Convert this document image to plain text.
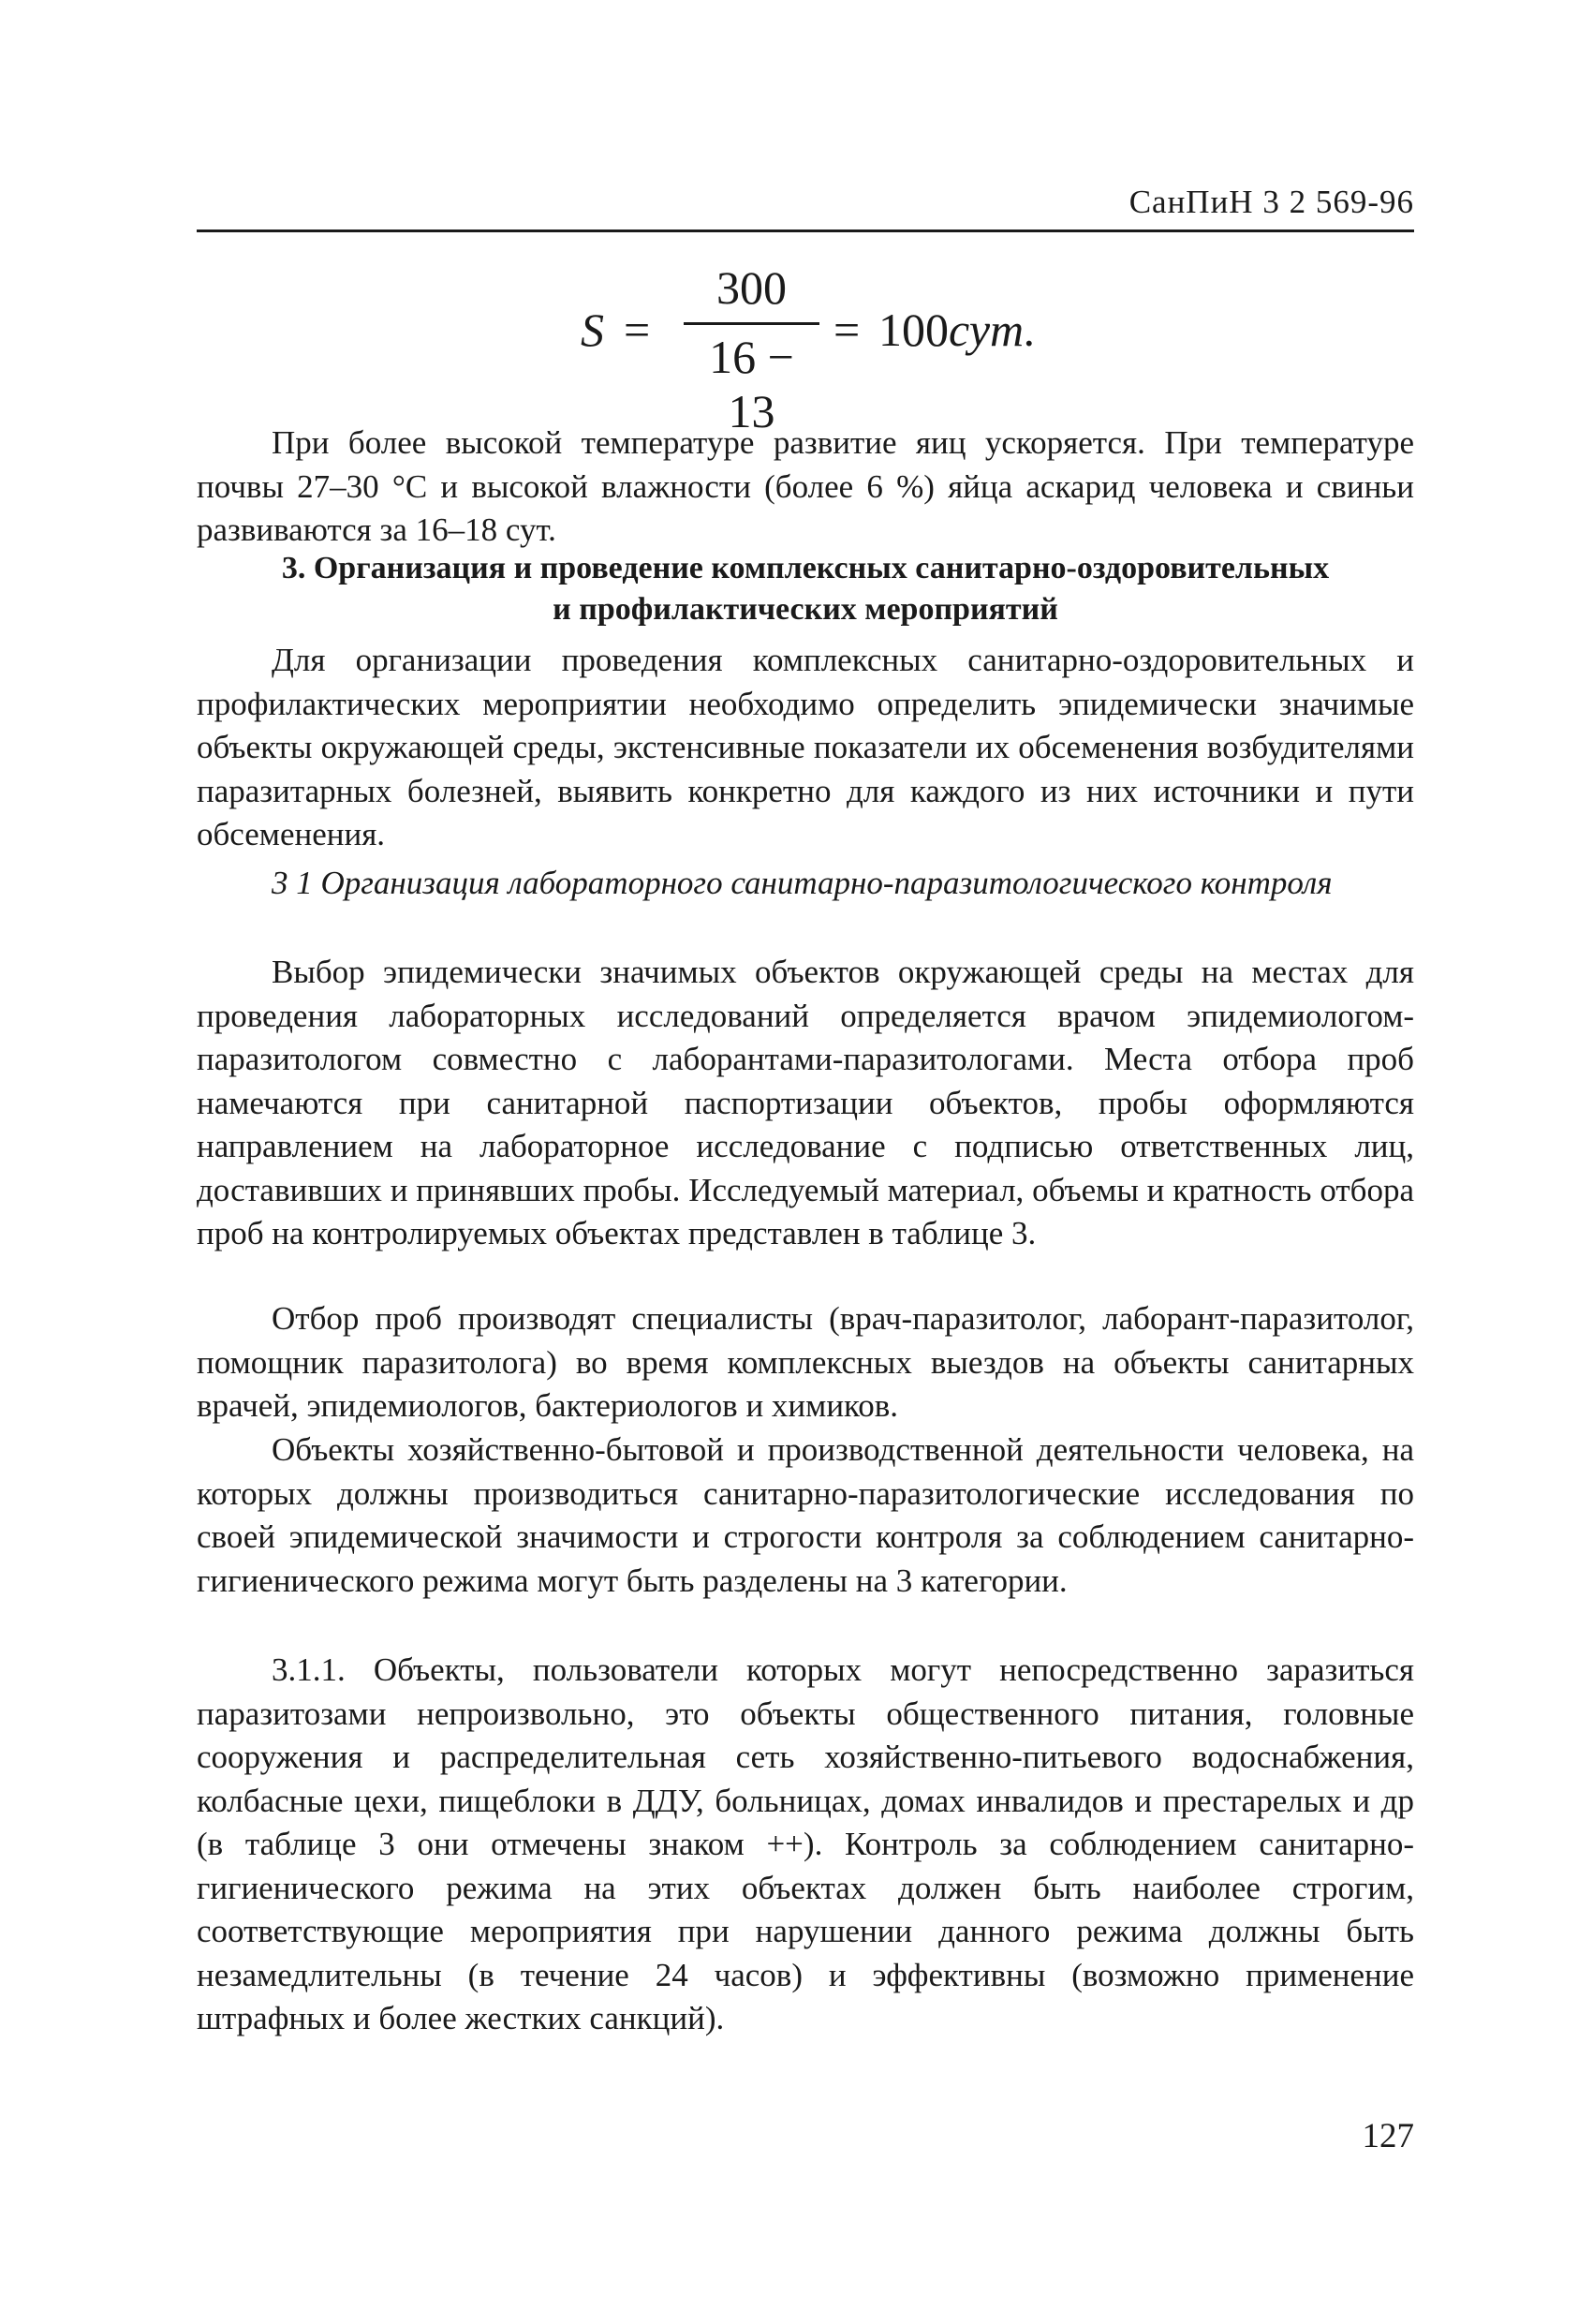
СанПиН 3 2 569-96
S =
300
16 − 13
= 100сут.

При более высокой температуре развитие яиц ускоряется. При температуре почвы 27–30 °С и высокой влажности (более 6 %) яйца аскарид человека и свиньи развиваются за 16–18 сут.

3. Организация и проведение комплексных санитарно-оздоровительных
и профилактических мероприятий

Для организации проведения комплексных санитарно-оздоровительных и профилактических мероприятии необходимо определить эпидемически значимые объекты окружающей среды, экстенсивные показатели их обсеменения возбудителями паразитарных болезней, выявить конкретно для каждого из них источники и пути обсеменения.

3 1 Организация лабораторного санитарно-паразитологического контроля

Выбор эпидемически значимых объектов окружающей среды на местах для проведения лабораторных исследований определяется врачом эпидемиологом-паразитологом совместно с лаборантами-паразитологами. Места отбора проб намечаются при санитарной паспортизации объектов, пробы оформляются направлением на лабораторное исследование с подписью ответственных лиц, доставивших и принявших пробы. Исследуемый материал, объемы и кратность отбора проб на контролируемых объектах представлен в таблице 3.

Отбор проб производят специалисты (врач-паразитолог, лаборант-паразитолог, помощник паразитолога) во время комплексных выездов на объекты санитарных врачей, эпидемиологов, бактериологов и химиков.

Объекты хозяйственно-бытовой и производственной деятельности человека, на которых должны производиться санитарно-паразитологические исследования по своей эпидемической значимости и строгости контроля за соблюдением санитарно-гигиенического режима могут быть разделены на 3 категории.

3.1.1. Объекты, пользователи которых могут непосредственно заразиться паразитозами непроизвольно, это объекты общественного питания, головные сооружения и распределительная сеть хозяйственно-питьевого водоснабжения, колбасные цехи, пищеблоки в ДДУ, больницах, домах инвалидов и престарелых и др (в таблице 3 они отмечены знаком ++). Контроль за соблюдением санитарно-гигиенического режима на этих объектах должен быть наиболее строгим, соответствующие мероприятия при нарушении данного режима должны быть незамедлительны (в течение 24 часов) и эффективны (возможно применение штрафных и более жестких санкций).

127
